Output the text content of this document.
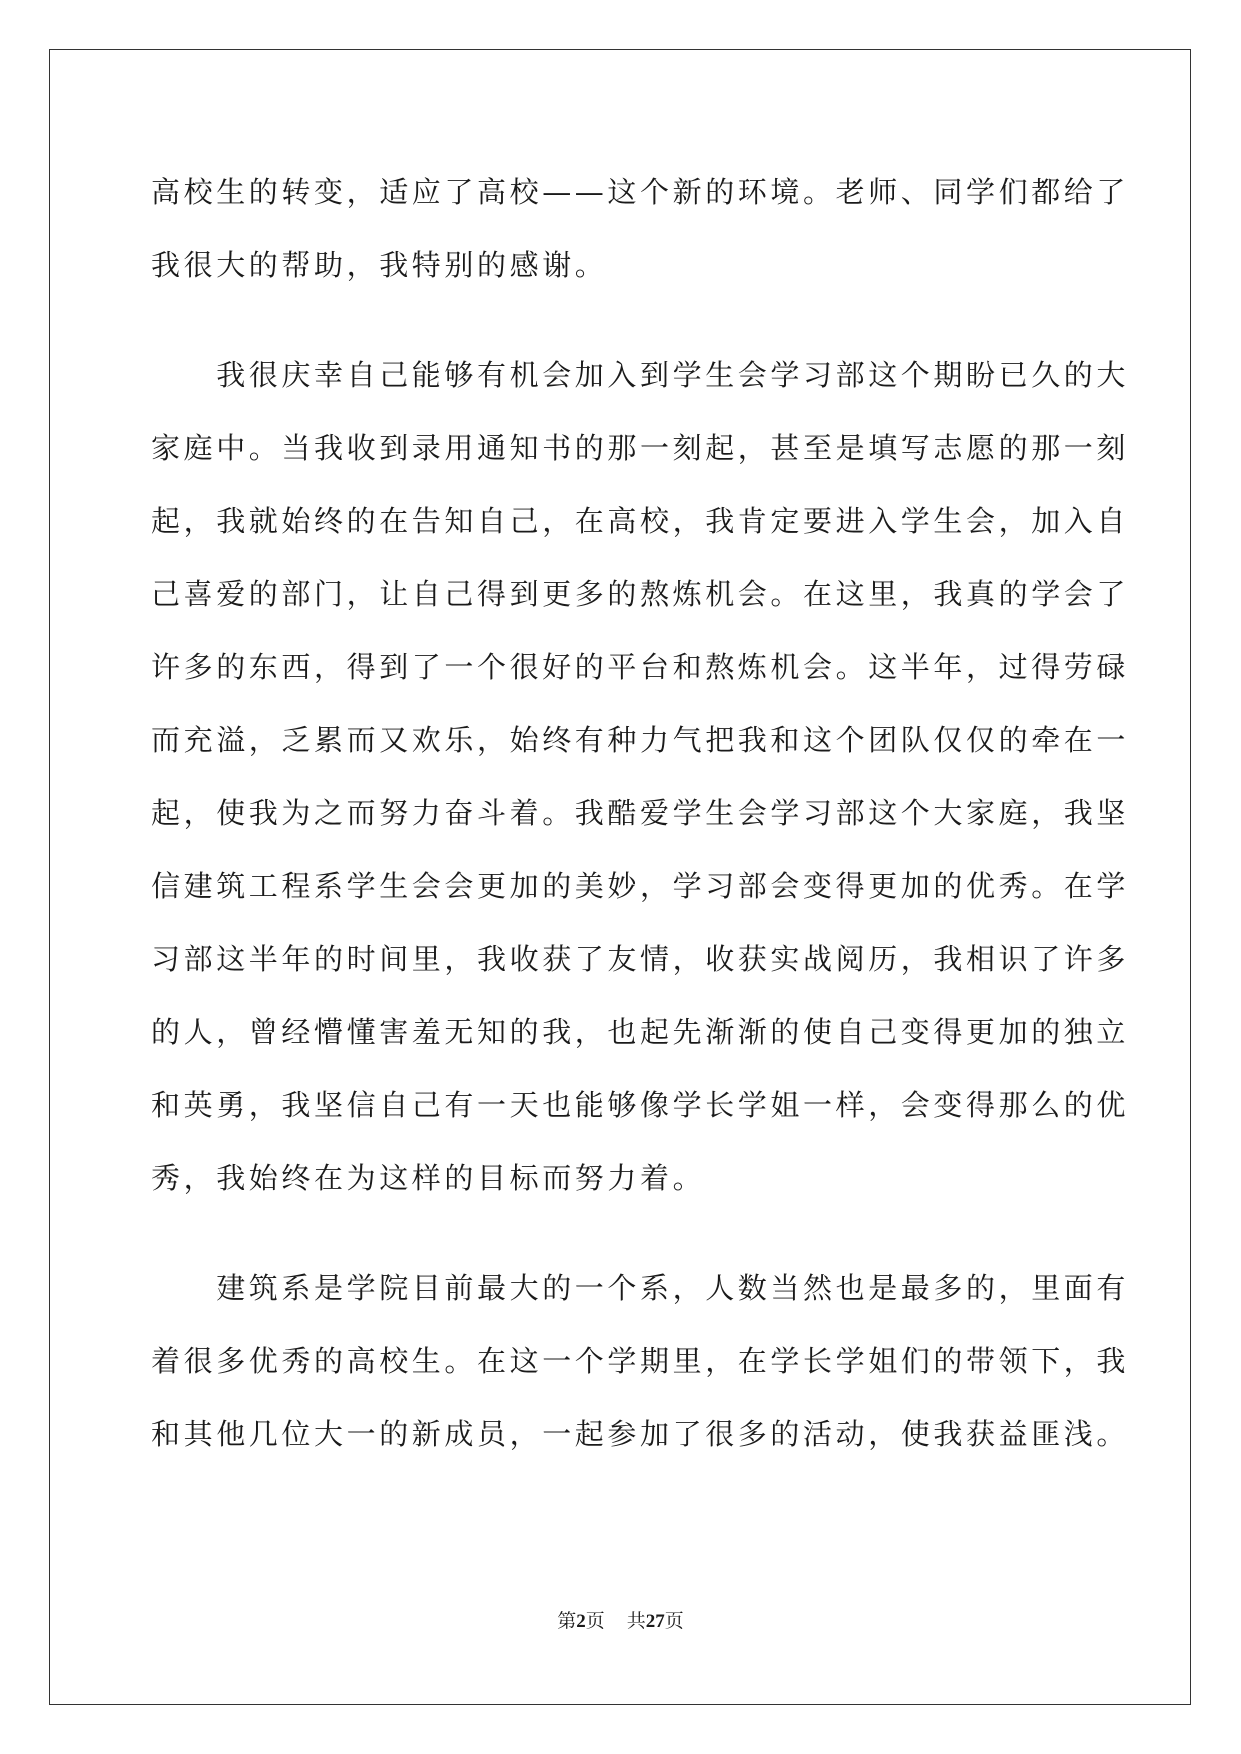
高校生的转变，适应了高校——这个新的环境。老师、同学们都给了
我很大的帮助，我特别的感谢。
　　我很庆幸自己能够有机会加入到学生会学习部这个期盼已久的大
家庭中。当我收到录用通知书的那一刻起，甚至是填写志愿的那一刻
起，我就始终的在告知自己，在高校，我肯定要进入学生会，加入自
己喜爱的部门，让自己得到更多的熬炼机会。在这里，我真的学会了
许多的东西，得到了一个很好的平台和熬炼机会。这半年，过得劳碌
而充溢，乏累而又欢乐，始终有种力气把我和这个团队仅仅的牵在一
起，使我为之而努力奋斗着。我酷爱学生会学习部这个大家庭，我坚
信建筑工程系学生会会更加的美妙，学习部会变得更加的优秀。在学
习部这半年的时间里，我收获了友情，收获实战阅历，我相识了许多
的人，曾经懵懂害羞无知的我，也起先渐渐的使自己变得更加的独立
和英勇，我坚信自己有一天也能够像学长学姐一样，会变得那么的优
秀，我始终在为这样的目标而努力着。
　　建筑系是学院目前最大的一个系，人数当然也是最多的，里面有
着很多优秀的高校生。在这一个学期里，在学长学姐们的带领下，我
和其他几位大一的新成员，一起参加了很多的活动，使我获益匪浅。
第2页 共27页
